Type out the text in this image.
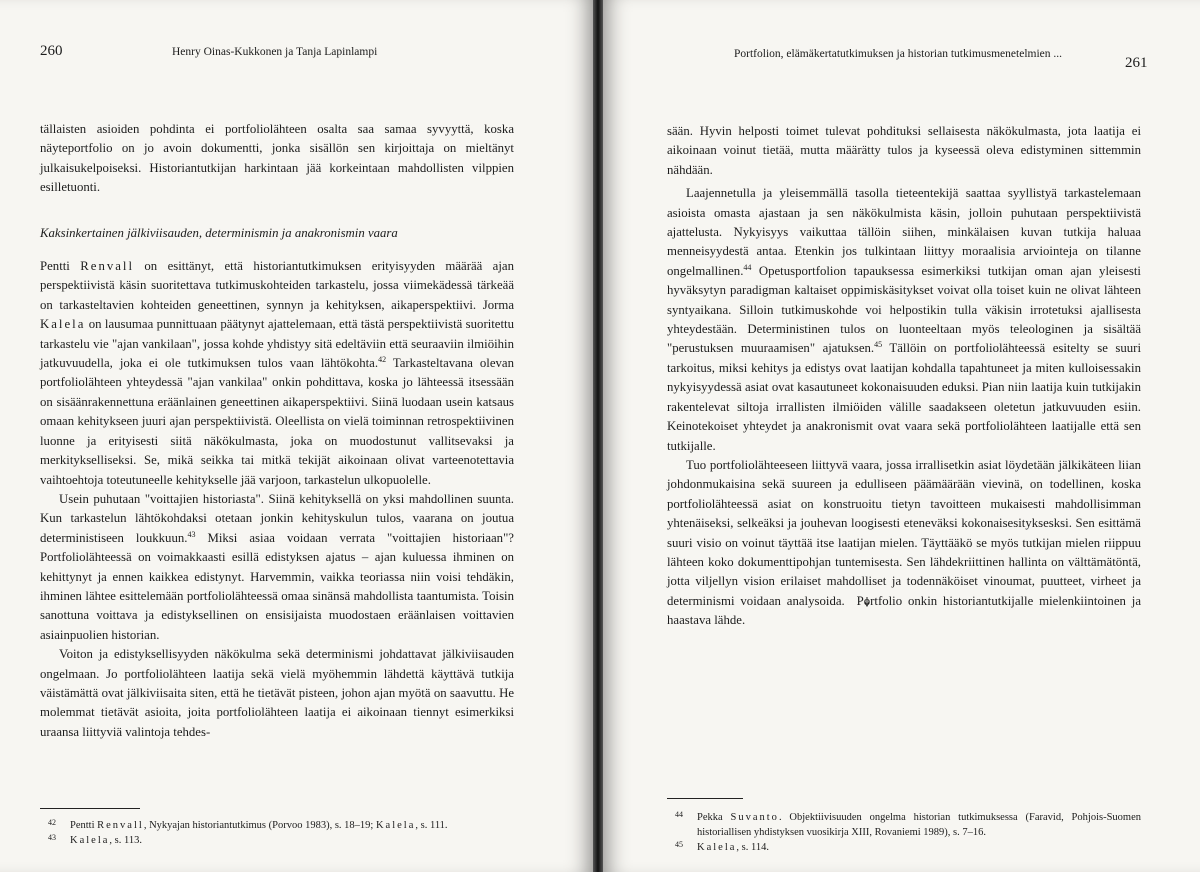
260	Henry Oinas-Kukkonen ja Tanja Lapinlampi

tällaisten asioiden pohdinta ei portfoliolähteen osalta saa samaa syvyyttä, koska näyteportfolio on jo avoin dokumentti, jonka sisällön sen kirjoittaja on mieltänyt julkaisukelpoiseksi. Historiantutkijan harkintaan jää korkeintaan mahdollisten vilppien esilletuonti.

Kaksinkertainen jälkiviisauden, determinismin ja anakronismin vaara

Pentti Renvall on esittänyt, että historiantutkimuksen erityisyyden määrää ajan perspektiivistä käsin suoritettava tutkimuskohteiden tarkastelu, jossa viimekädessä tärkeää on tarkasteltavien kohteiden geneettinen, synnyn ja kehityksen, aikaperspektiivi. Jorma Kalela on lausumaa punnittuaan päätynyt ajattelemaan, että tästä perspektiivistä suoritettu tarkastelu vie "ajan vankilaan", jossa kohde yhdistyy sitä edeltäviin että seuraaviin ilmiöihin jatkuvuudella, joka ei ole tutkimuksen tulos vaan lähtökohta.$^{42}$ Tarkasteltavana olevan portfoliolähteen yhteydessä "ajan vankilaa" onkin pohdittava, koska jo lähteessä itsessään on sisäänrakennettuna eräänlainen geneettinen aikaperspektiivi. Siinä luodaan usein katsaus omaan kehitykseen juuri ajan perspektiivistä. Oleellista on vielä toiminnan retrospektiivinen luonne ja erityisesti siitä näkökulmasta, joka on muodostunut vallitsevaksi ja merkitykselliseksi. Se, mikä seikka tai mitkä tekijät aikoinaan olivat varteenotettavia vaihtoehtoja toteutuneelle kehitykselle jää varjoon, tarkastelun ulkopuolelle.

Usein puhutaan "voittajien historiasta". Siinä kehityksellä on yksi mahdollinen suunta. Kun tarkastelun lähtökohdaksi otetaan jonkin kehityskulun tulos, vaarana on joutua deterministiseen loukkuun.$^{43}$ Miksi asiaa voidaan verrata "voittajien historiaan"? Portfoliolähteessä on voimakkaasti esillä edistyksen ajatus – ajan kuluessa ihminen on kehittynyt ja ennen kaikkea edistynyt. Harvemmin, vaikka teoriassa niin voisi tehdäkin, ihminen lähtee esittelemään portfoliolähteessä omaa sinänsä mahdollista taantumista. Toisin sanottuna voittava ja edistyksellinen on ensisijaista muodostaen eräänlaisen voittavien asiainpuolien historian.

Voiton ja edistyksellisyyden näkökulma sekä determinismi johdattavat jälkiviisauden ongelmaan. Jo portfoliolähteen laatija sekä vielä myöhemmin lähdettä käyttävä tutkija väistämättä ovat jälkiviisaita siten, että he tietävät pisteen, johon ajan myötä on saavuttu. He molemmat tietävät asioita, joita portfoliolähteen laatija ei aikoinaan tiennyt esimerkiksi uraansa liittyviä valintoja tehdes-

42 Pentti Renvall, Nykyajan historiantutkimus (Porvoo 1983), s. 18–19; Kalela, s. 111.
43 Kalela, s. 113.
Portfolion, elämäkertatutkimuksen ja historian tutkimusmenetelmien ...
261

sään. Hyvin helposti toimet tulevat pohdituksi sellaisesta näkökulmasta, jota laatija ei aikoinaan voinut tietää, mutta määrätty tulos ja kyseessä oleva edistyminen sittemmin nähdään.

Laajennetulla ja yleisemmällä tasolla tieteentekijä saattaa syyllistyä tarkastelemaan asioista omasta ajastaan ja sen näkökulmista käsin, jolloin puhutaan perspektiivistä ajattelusta. Nykyisyys vaikuttaa tällöin siihen, minkälaisen kuvan tutkija haluaa menneisyydestä antaa. Etenkin jos tulkintaan liittyy moraalisia arviointeja on tilanne ongelmallinen.$^{44}$ Opetusportfolion tapauksessa esimerkiksi tutkijan oman ajan yleisesti hyväksytyn paradigman kaltaiset oppimiskäsitykset voivat olla toiset kuin ne olivat lähteen syntyaikana. Silloin tutkimuskohde voi helpostikin tulla väkisin irrotetuksi ajallisesta yhteydestään. Deterministinen tulos on luonteeltaan myös teleologinen ja sisältää "perustuksen muuraamisen" ajatuksen.$^{45}$ Tällöin on portfoliolähteessä esitelty se suuri tarkoitus, miksi kehitys ja edistys ovat laatijan kohdalla tapahtuneet ja miten kulloisessakin nykyisyydessä asiat ovat kasautuneet kokonaisuuden eduksi. Pian niin laatija kuin tutkijakin rakentelevat siltoja irrallisten ilmiöiden välille saadakseen oletetun jatkuvuuden esiin. Keinotekoiset yhteydet ja anakronismit ovat vaara sekä portfoliolähteen laatijalle että sen tutkijalle.

Tuo portfoliolähteeseen liittyvä vaara, jossa irrallisetkin asiat löydetään jälkikäteen liian johdonmukaisina sekä suureen ja edulliseen päämäärään vievinä, on todellinen, koska portfoliolähteessä asiat on konstruoitu tietyn tavoitteen mukaisesti mahdollisimman yhtenäiseksi, selkeäksi ja jouhevan loogisesti eteneväksi kokonaisesityksesksi. Sen esittämä suuri visio on voinut täyttää itse laatijan mielen. Täyttääkö se myös tutkijan mielen riippuu lähteen koko dokumenttipohjan tuntemisesta. Sen lähdekriittinen hallinta on välttämätöntä, jotta viljellyn vision erilaiset mahdolliset ja todennäköiset vinoumat, puutteet, virheet ja determinismi voidaan analysoida. Portfolio onkin historiantutkijalle mielenkiintoinen ja haastava lähde.

44 Pekka Suvanto. Objektiivisuuden ongelma historian tutkimuksessa (Faravid, Pohjois-Suomen historiallisen yhdistyksen vuosikirja XIII, Rovaniemi 1989), s. 7–16.
45 Kalela, s. 114.
